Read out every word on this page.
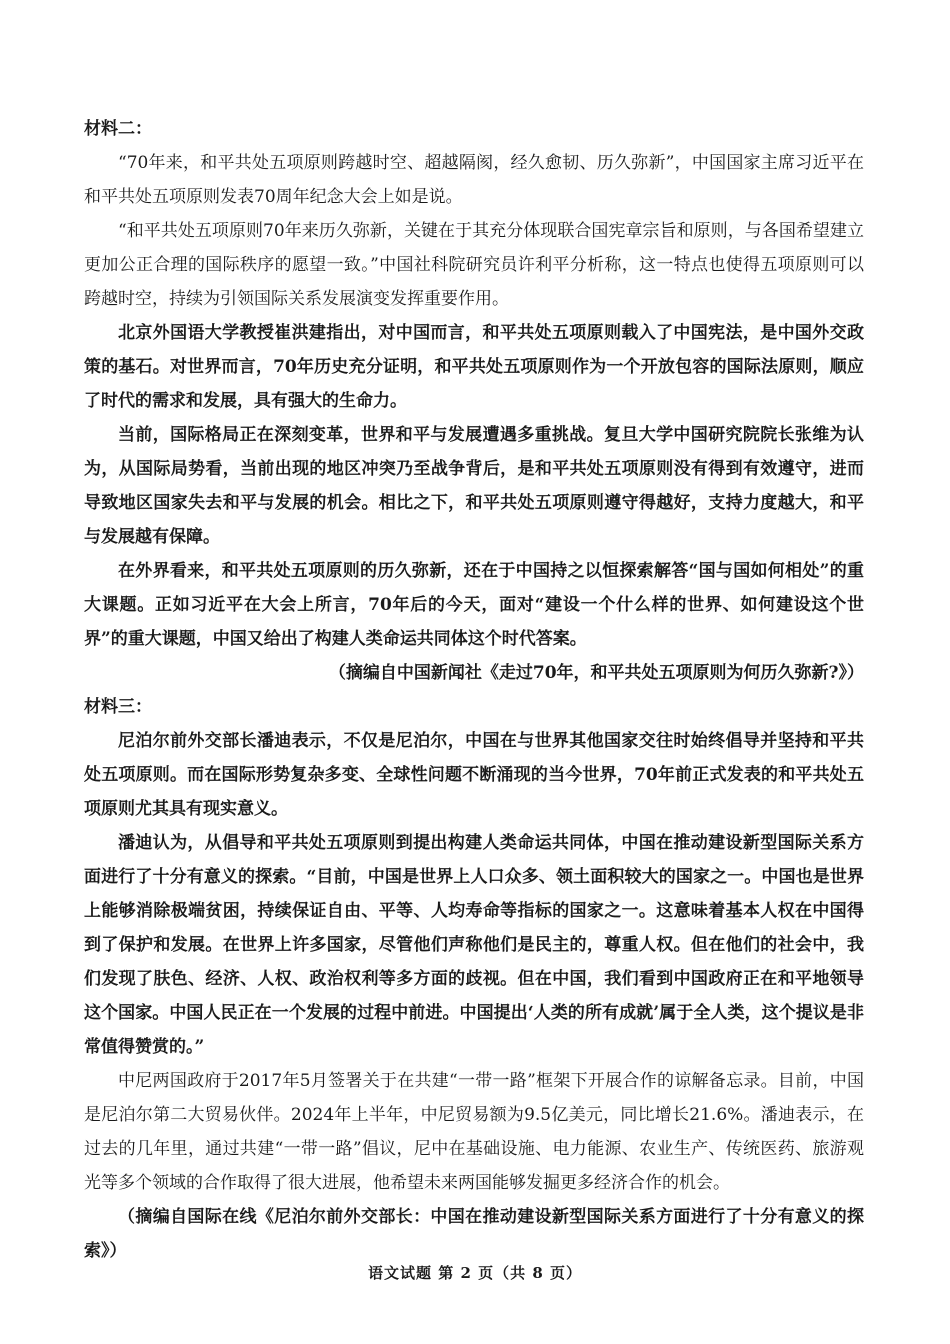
材料二：

“70年来，和平共处五项原则跨越时空、超越隔阂，经久愈韧、历久弥新”，中国国家主席习近平在和平共处五项原则发表70周年纪念大会上如是说。

“和平共处五项原则70年来历久弥新，关键在于其充分体现联合国宪章宗旨和原则，与各国希望建立更加公正合理的国际秩序的愿望一致。”中国社科院研究员许利平分析称，这一特点也使得五项原则可以跨越时空，持续为引领国际关系发展演变发挥重要作用。

北京外国语大学教授崔洪建指出，对中国而言，和平共处五项原则载入了中国宪法，是中国外交政策的基石。对世界而言，70年历史充分证明，和平共处五项原则作为一个开放包容的国际法原则，顺应了时代的需求和发展，具有强大的生命力。

当前，国际格局正在深刻变革，世界和平与发展遭遇多重挑战。复旦大学中国研究院院长张维为认为，从国际局势看，当前出现的地区冲突乃至战争背后，是和平共处五项原则没有得到有效遵守，进而导致地区国家失去和平与发展的机会。相比之下，和平共处五项原则遵守得越好，支持力度越大，和平与发展越有保障。

在外界看来，和平共处五项原则的历久弥新，还在于中国持之以恒探索解答“国与国如何相处”的重大课题。正如习近平在大会上所言，70年后的今天，面对“建设一个什么样的世界、如何建设这个世界”的重大课题，中国又给出了构建人类命运共同体这个时代答案。

（摘编自中国新闻社《走过70年，和平共处五项原则为何历久弥新?》）

材料三：

尼泊尔前外交部长潘迪表示，不仅是尼泊尔，中国在与世界其他国家交往时始终倡导并坚持和平共处五项原则。而在国际形势复杂多变、全球性问题不断涌现的当今世界，70年前正式发表的和平共处五项原则尤其具有现实意义。

潘迪认为，从倡导和平共处五项原则到提出构建人类命运共同体，中国在推动建设新型国际关系方面进行了十分有意义的探索。“目前，中国是世界上人口众多、领土面积较大的国家之一。中国也是世界上能够消除极端贫困，持续保证自由、平等、人均寿命等指标的国家之一。这意味着基本人权在中国得到了保护和发展。在世界上许多国家，尽管他们声称他们是民主的，尊重人权。但在他们的社会中，我们发现了肤色、经济、人权、政治权利等多方面的歧视。但在中国，我们看到中国政府正在和平地领导这个国家。中国人民正在一个发展的过程中前进。中国提出‘人类的所有成就’属于全人类，这个提议是非常值得赞赏的。”

中尼两国政府于2017年5月签署关于在共建“一带一路”框架下开展合作的谅解备忘录。目前，中国是尼泊尔第二大贸易伙伴。2024年上半年，中尼贸易额为9.5亿美元，同比增长21.6%。潘迪表示，在过去的几年里，通过共建“一带一路”倡议，尼中在基础设施、电力能源、农业生产、传统医药、旅游观光等多个领域的合作取得了很大进展，他希望未来两国能够发掘更多经济合作的机会。

（摘编自国际在线《尼泊尔前外交部长：中国在推动建设新型国际关系方面进行了十分有意义的探索》）

语文试题 第 2 页（共 8 页）
